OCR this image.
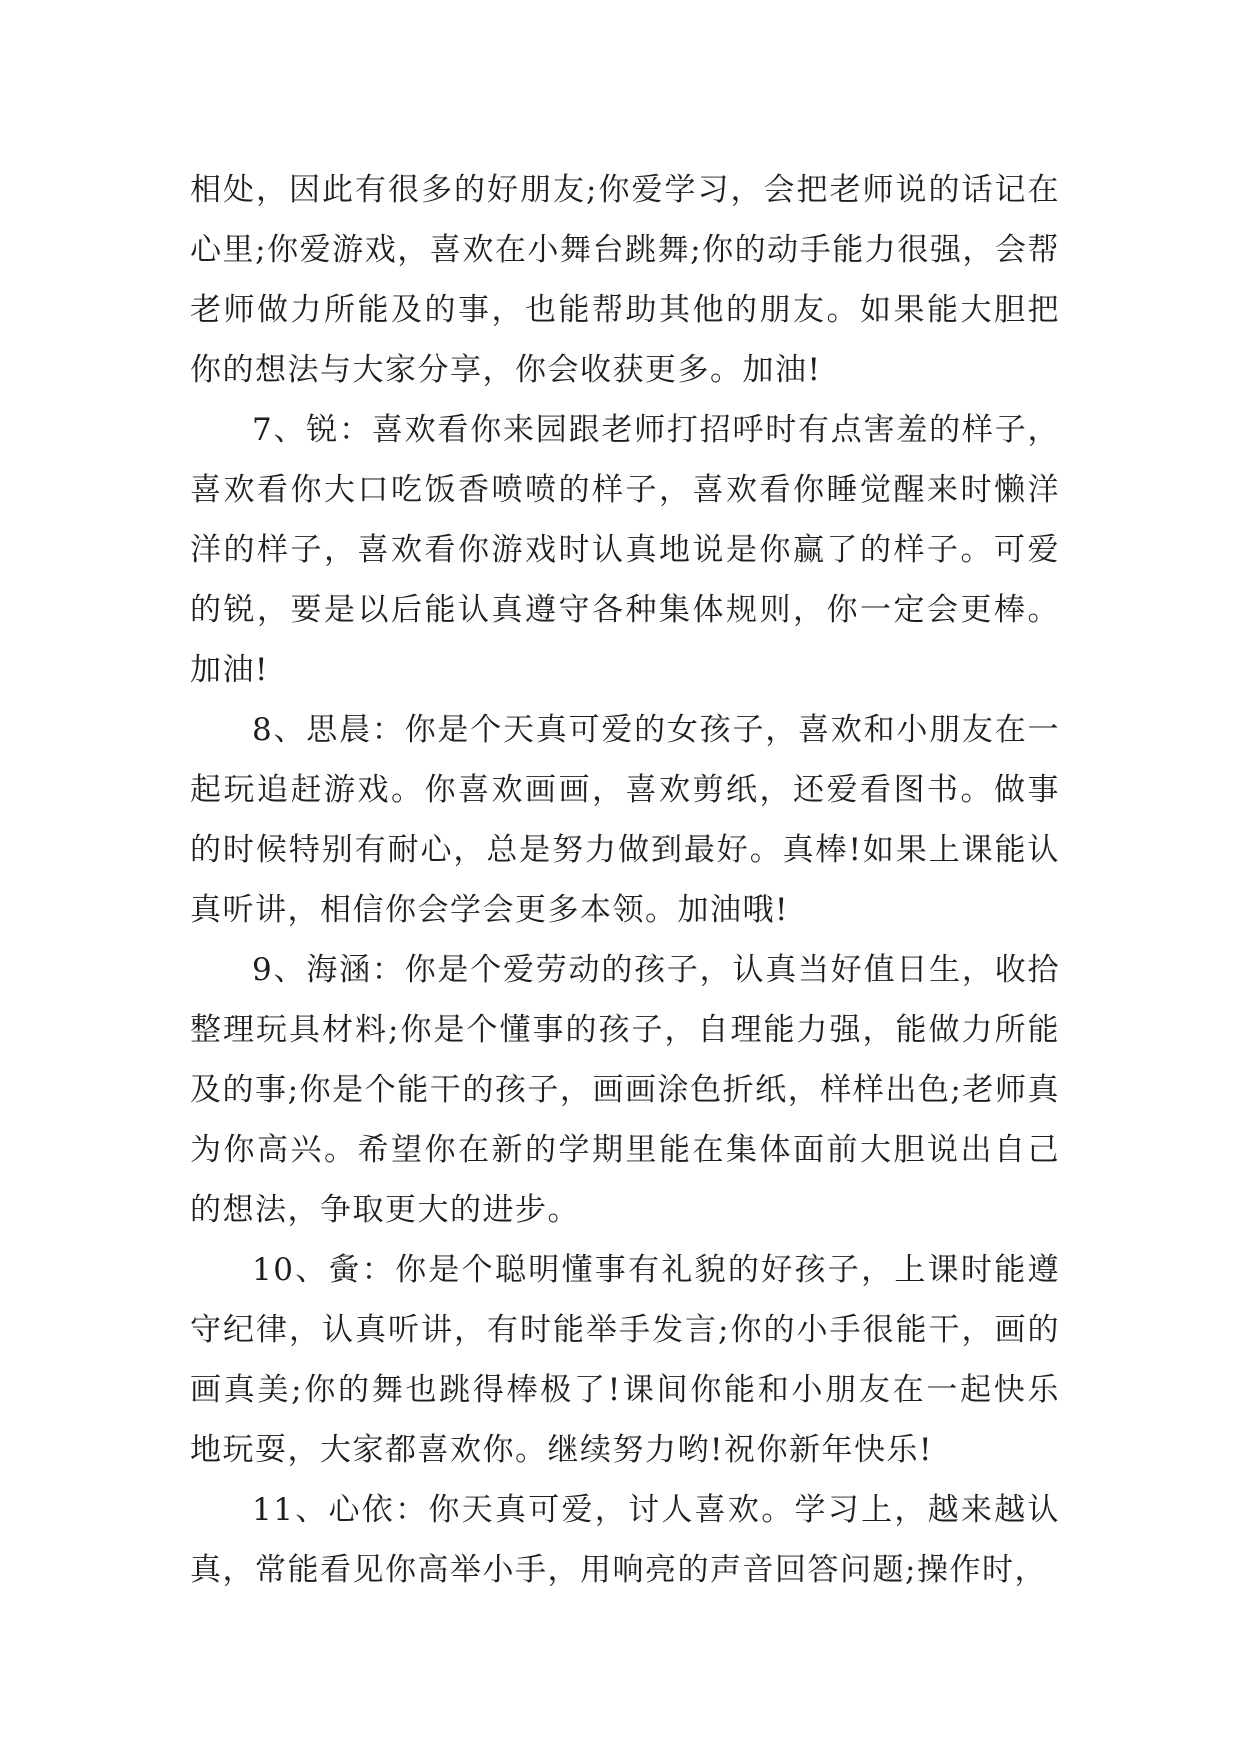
相处，因此有很多的好朋友;你爱学习，会把老师说的话记在心里;你爱游戏，喜欢在小舞台跳舞;你的动手能力很强，会帮老师做力所能及的事，也能帮助其他的朋友。如果能大胆把你的想法与大家分享，你会收获更多。加油!

7、锐：喜欢看你来园跟老师打招呼时有点害羞的样子，喜欢看你大口吃饭香喷喷的样子，喜欢看你睡觉醒来时懒洋洋的样子，喜欢看你游戏时认真地说是你赢了的样子。可爱的锐，要是以后能认真遵守各种集体规则，你一定会更棒。加油!

8、思晨：你是个天真可爱的女孩子，喜欢和小朋友在一起玩追赶游戏。你喜欢画画，喜欢剪纸，还爱看图书。做事的时候特别有耐心，总是努力做到最好。真棒!如果上课能认真听讲，相信你会学会更多本领。加油哦!

9、海涵：你是个爱劳动的孩子，认真当好值日生，收拾整理玩具材料;你是个懂事的孩子，自理能力强，能做力所能及的事;你是个能干的孩子，画画涂色折纸，样样出色;老师真为你高兴。希望你在新的学期里能在集体面前大胆说出自己的想法，争取更大的进步。

10、夤：你是个聪明懂事有礼貌的好孩子，上课时能遵守纪律，认真听讲，有时能举手发言;你的小手很能干，画的画真美;你的舞也跳得棒极了!课间你能和小朋友在一起快乐地玩耍，大家都喜欢你。继续努力哟!祝你新年快乐!

11、心依：你天真可爱，讨人喜欢。学习上，越来越认真，常能看见你高举小手，用响亮的声音回答问题;操作时，
